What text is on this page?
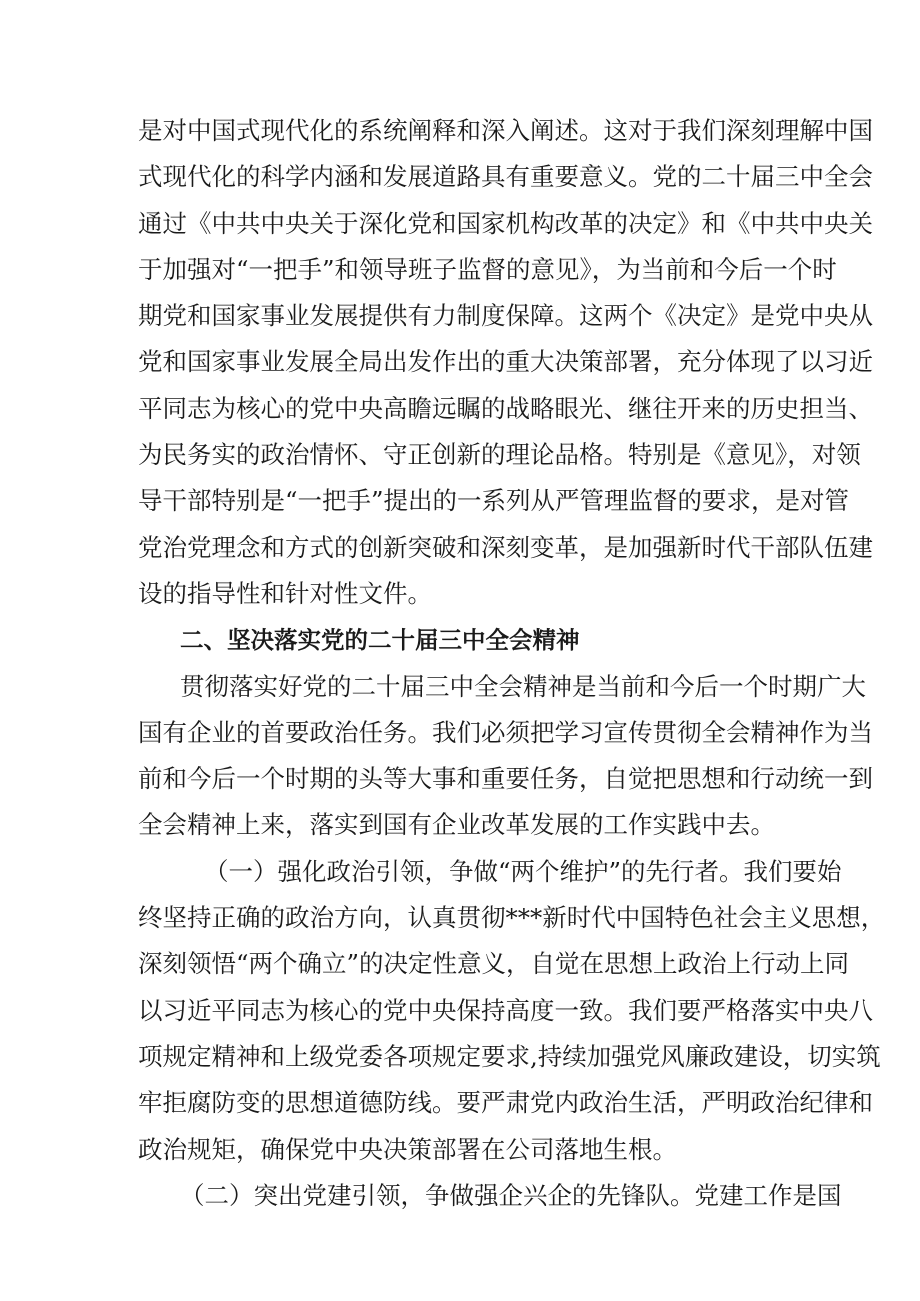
是对中国式现代化的系统阐释和深入阐述。这对于我们深刻理解中国
式现代化的科学内涵和发展道路具有重要意义。党的二十届三中全会
通过《中共中央关于深化党和国家机构改革的决定》和《中共中央关
于加强对“一把手”和领导班子监督的意见》，为当前和今后一个时
期党和国家事业发展提供有力制度保障。这两个《决定》是党中央从
党和国家事业发展全局出发作出的重大决策部署，充分体现了以习近
平同志为核心的党中央高瞻远瞩的战略眼光、继往开来的历史担当、
为民务实的政治情怀、守正创新的理论品格。特别是《意见》，对领
导干部特别是“一把手”提出的一系列从严管理监督的要求，是对管
党治党理念和方式的创新突破和深刻变革，是加强新时代干部队伍建
设的指导性和针对性文件。
二、坚决落实党的二十届三中全会精神
贯彻落实好党的二十届三中全会精神是当前和今后一个时期广大
国有企业的首要政治任务。我们必须把学习宣传贯彻全会精神作为当
前和今后一个时期的头等大事和重要任务，自觉把思想和行动统一到
全会精神上来，落实到国有企业改革发展的工作实践中去。
（一）强化政治引领，争做“两个维护”的先行者。我们要始
终坚持正确的政治方向，认真贯彻***新时代中国特色社会主义思想，
深刻领悟“两个确立”的决定性意义，自觉在思想上政治上行动上同
以习近平同志为核心的党中央保持高度一致。我们要严格落实中央八
项规定精神和上级党委各项规定要求,持续加强党风廉政建设，切实筑
牢拒腐防变的思想道德防线。要严肃党内政治生活，严明政治纪律和
政治规矩，确保党中央决策部署在公司落地生根。
（二）突出党建引领，争做强企兴企的先锋队。党建工作是国
